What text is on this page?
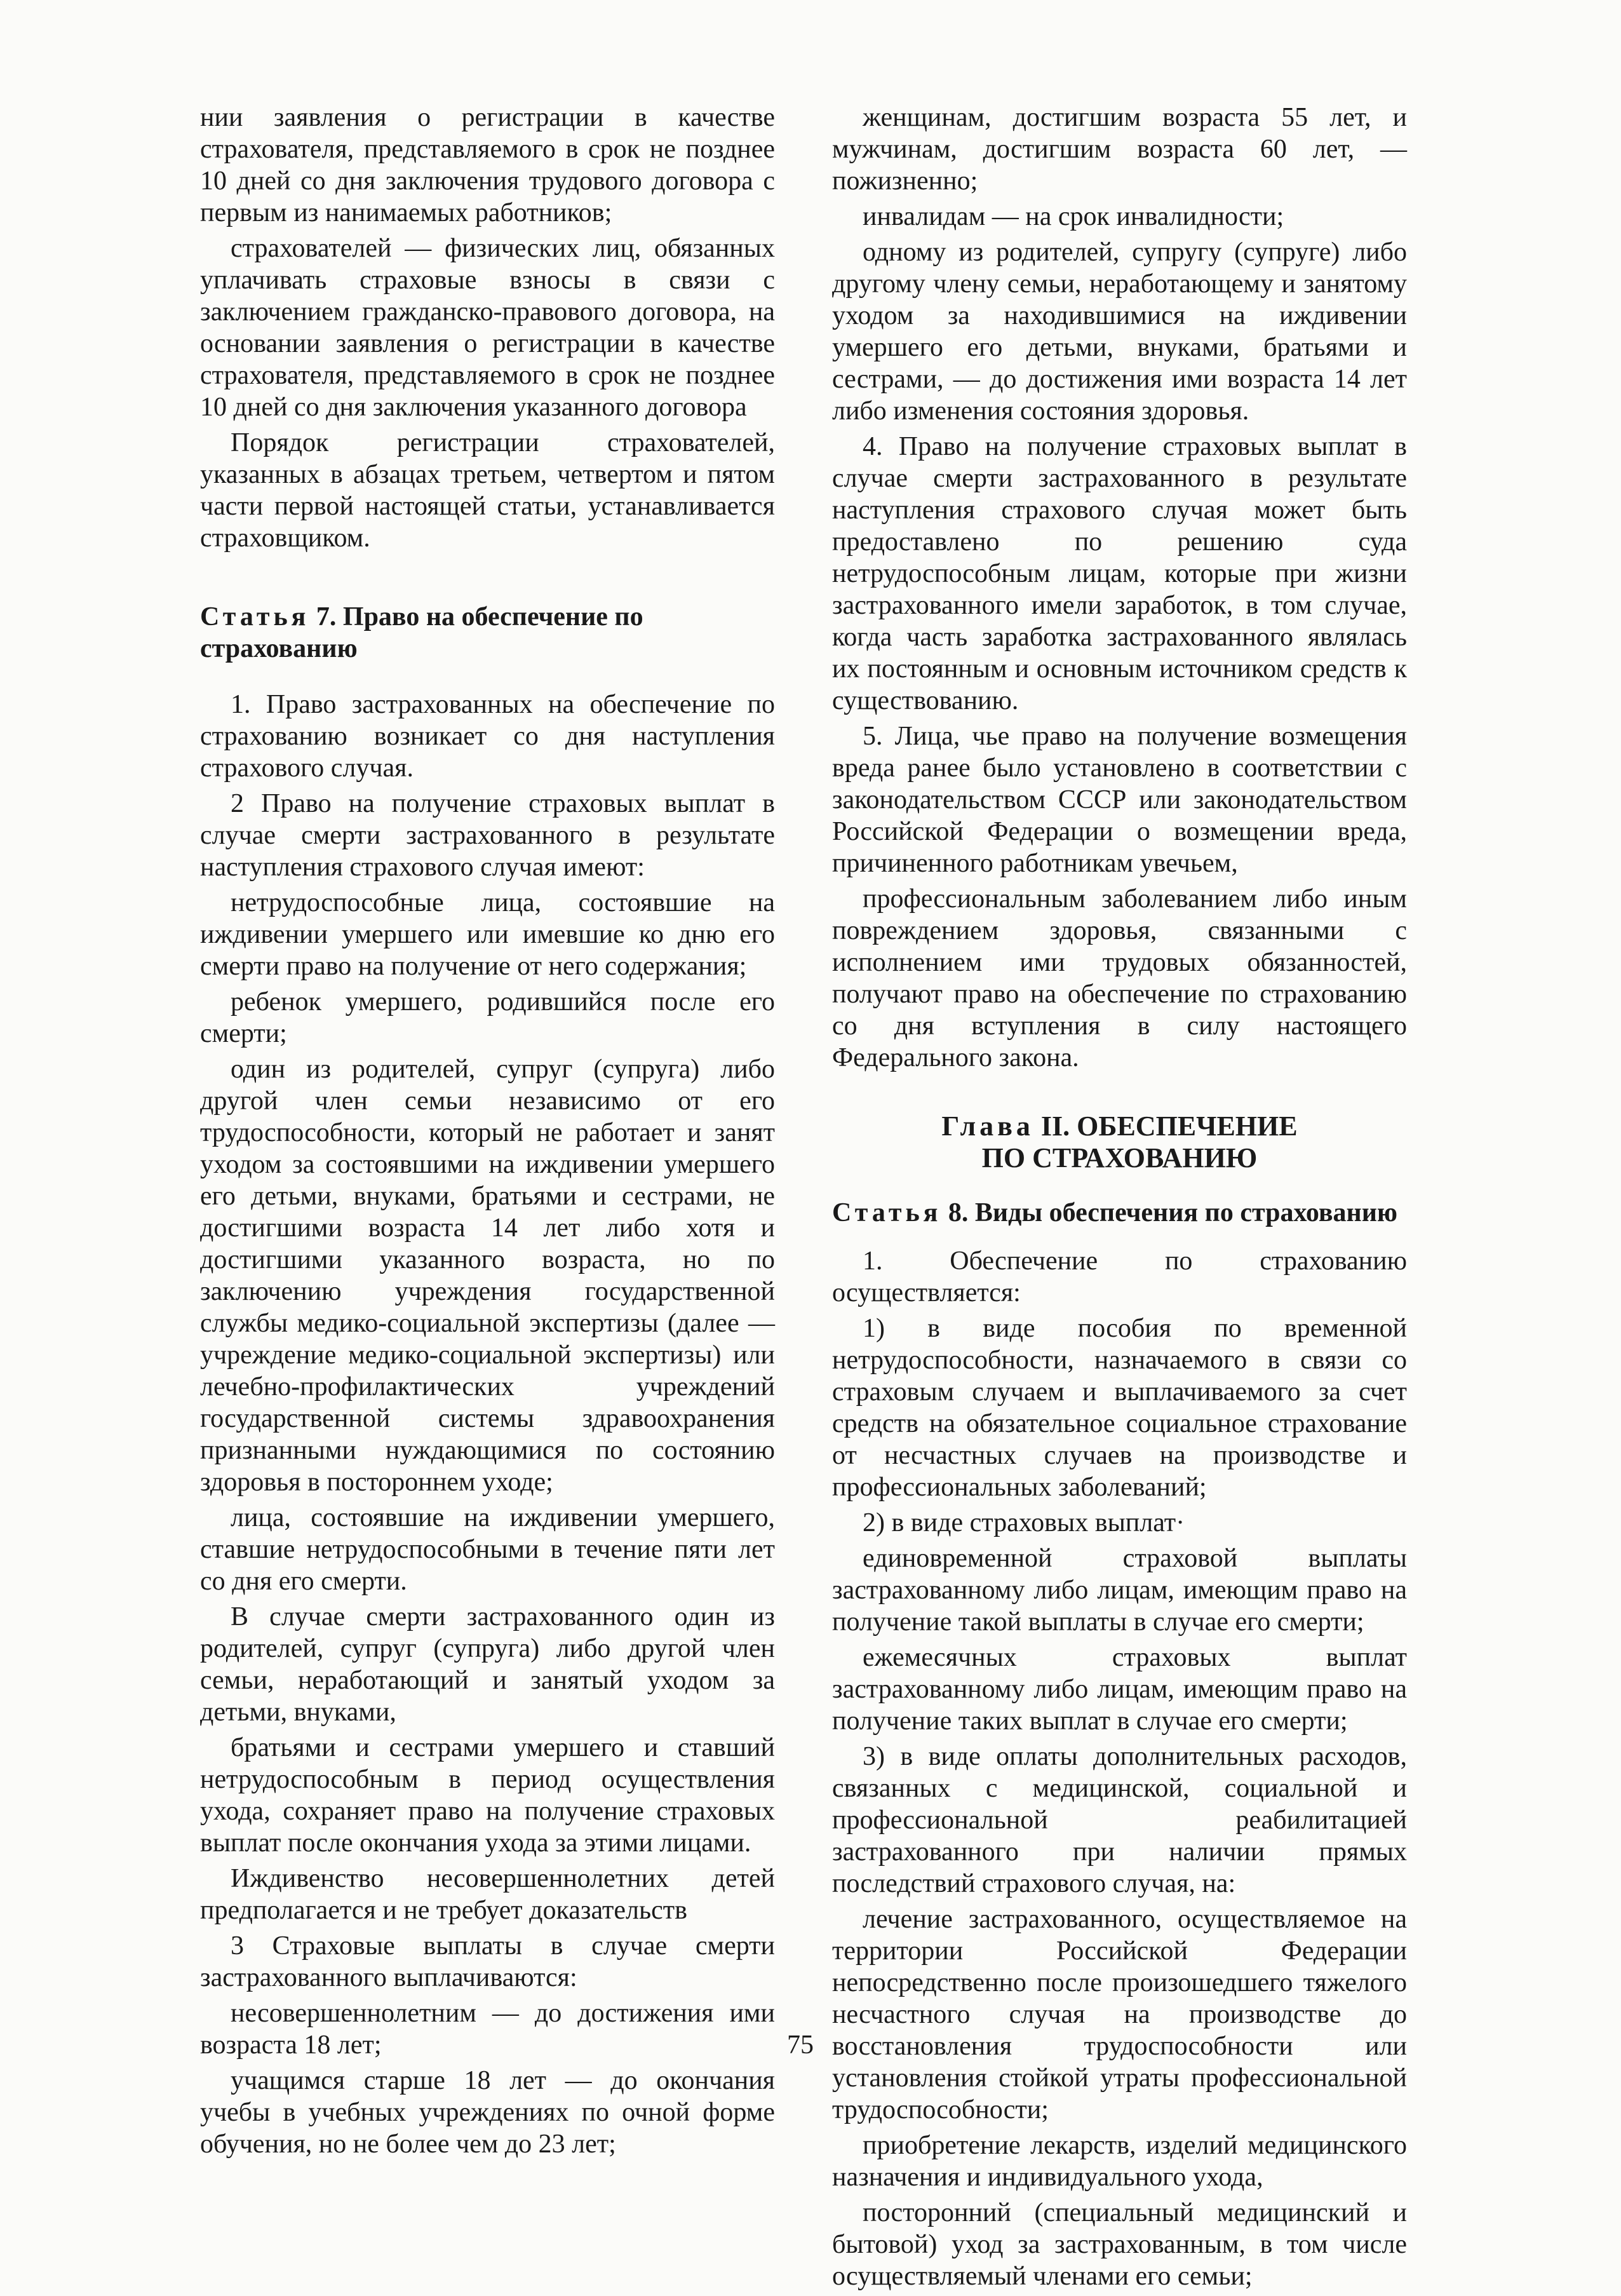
нии заявления о регистрации в качестве страхователя, представляемого в срок не позднее 10 дней со дня заключения трудового договора с первым из нанимаемых работников;

страхователей — физических лиц, обязанных уплачивать страховые взносы в связи с заключением гражданско-правового договора, на основании заявления о регистрации в качестве страхователя, представляемого в срок не позднее 10 дней со дня заключения указанного договора

Порядок регистрации страхователей, указанных в абзацах третьем, четвертом и пятом части первой настоящей статьи, устанавливается страховщиком.

Статья 7. Право на обеспечение по страхованию

1. Право застрахованных на обеспечение по страхованию возникает со дня наступления страхового случая.

2 Право на получение страховых выплат в случае смерти застрахованного в результате наступления страхового случая имеют:

нетрудоспособные лица, состоявшие на иждивении умершего или имевшие ко дню его смерти право на получение от него содержания;

ребенок умершего, родившийся после его смерти;

один из родителей, супруг (супруга) либо другой член семьи независимо от его трудоспособности, который не работает и занят уходом за состоявшими на иждивении умершего его детьми, внуками, братьями и сестрами, не достигшими возраста 14 лет либо хотя и достигшими указанного возраста, но по заключению учреждения государственной службы медико-социальной экспертизы (далее — учреждение медико-социальной экспертизы) или лечебно-профилактических учреждений государственной системы здравоохранения признанными нуждающимися по состоянию здоровья в постороннем уходе;

лица, состоявшие на иждивении умершего, ставшие нетрудоспособными в течение пяти лет со дня его смерти.

В случае смерти застрахованного один из родителей, супруг (супруга) либо другой член семьи, неработающий и занятый уходом за детьми, внуками,

братьями и сестрами умершего и ставший нетрудоспособным в период осуществления ухода, сохраняет право на получение страховых выплат после окончания ухода за этими лицами.

Иждивенство несовершеннолетних детей предполагается и не требует доказательств

3 Страховые выплаты в случае смерти застрахованного выплачиваются:

несовершеннолетним — до достижения ими возраста 18 лет;

учащимся старше 18 лет — до окончания учебы в учебных учреждениях по очной форме обучения, но не более чем до 23 лет;

женщинам, достигшим возраста 55 лет, и мужчинам, достигшим возраста 60 лет, — пожизненно;

инвалидам — на срок инвалидности;

одному из родителей, супругу (супруге) либо другому члену семьи, неработающему и занятому уходом за находившимися на иждивении умершего его детьми, внуками, братьями и сестрами, — до достижения ими возраста 14 лет либо изменения состояния здоровья.

4. Право на получение страховых выплат в случае смерти застрахованного в результате наступления страхового случая может быть предоставлено по решению суда нетрудоспособным лицам, которые при жизни застрахованного имели заработок, в том случае, когда часть заработка застрахованного являлась их постоянным и основным источником средств к существованию.

5. Лица, чье право на получение возмещения вреда ранее было установлено в соответствии с законодательством СССР или законодательством Российской Федерации о возмещении вреда, причиненного работникам увечьем,

профессиональным заболеванием либо иным повреждением здоровья, связанными с исполнением ими трудовых обязанностей, получают право на обеспечение по страхованию со дня вступления в силу настоящего Федерального закона.

Глава II. ОБЕСПЕЧЕНИЕ
ПО СТРАХОВАНИЮ
Статья 8. Виды обеспечения по страхованию

1. Обеспечение по страхованию осуществляется:

1) в виде пособия по временной нетрудоспособности, назначаемого в связи со страховым случаем и выплачиваемого за счет средств на обязательное социальное страхование от несчастных случаев на производстве и профессиональных заболеваний;

2) в виде страховых выплат·

единовременной страховой выплаты застрахованному либо лицам, имеющим право на получение такой выплаты в случае его смерти;

ежемесячных страховых выплат застрахованному либо лицам, имеющим право на получение таких выплат в случае его смерти;

3) в виде оплаты дополнительных расходов, связанных с медицинской, социальной и профессиональной реабилитацией застрахованного при наличии прямых последствий страхового случая, на:

лечение застрахованного, осуществляемое на территории Российской Федерации непосредственно после произошедшего тяжелого несчастного случая на производстве до восстановления трудоспособности или установления стойкой утраты профессиональной трудоспособности;

приобретение лекарств, изделий медицинского назначения и индивидуального ухода,

посторонний (специальный медицинский и бытовой) уход за застрахованным, в том числе осуществляемый членами его семьи;

75
